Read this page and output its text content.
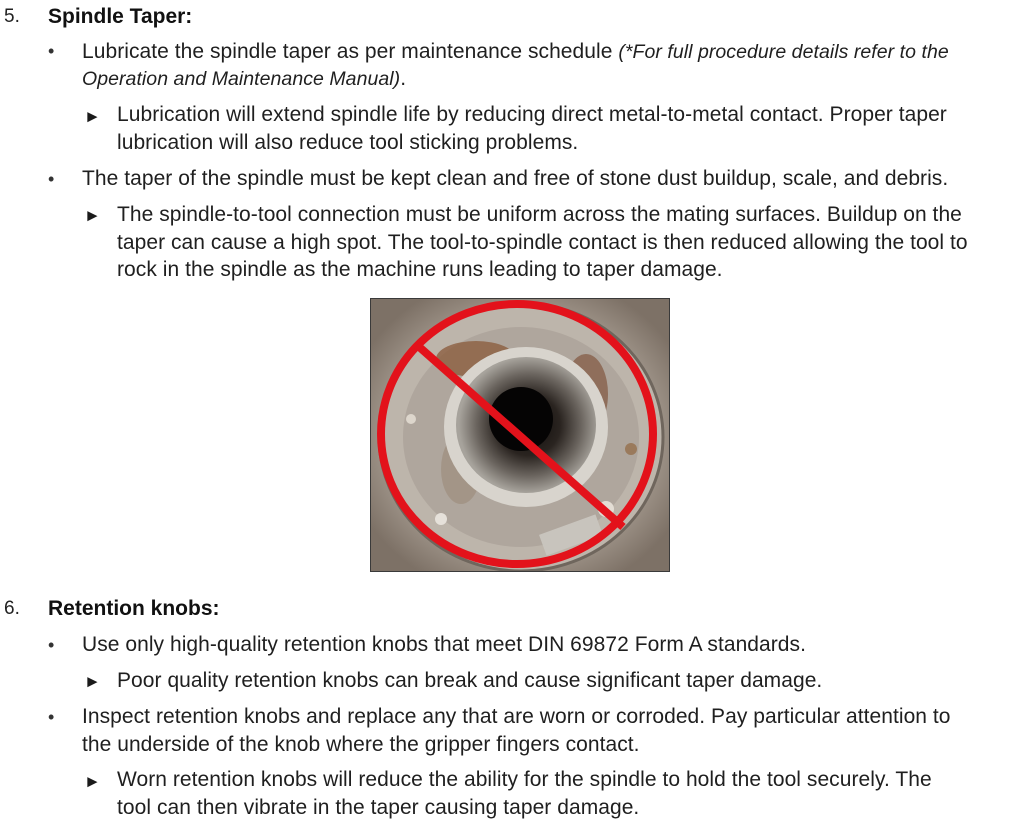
5. Spindle Taper:
• Lubricate the spindle taper as per maintenance schedule (*For full procedure details refer to the
Operation and Maintenance Manual).
► Lubrication will extend spindle life by reducing direct metal-to-metal contact. Proper taper
lubrication will also reduce tool sticking problems.
• The taper of the spindle must be kept clean and free of stone dust buildup, scale, and debris.
► The spindle-to-tool connection must be uniform across the mating surfaces. Buildup on the
taper can cause a high spot. The tool-to-spindle contact is then reduced allowing the tool to
rock in the spindle as the machine runs leading to taper damage.
6. Retention knobs:
• Use only high-quality retention knobs that meet DIN 69872 Form A standards.
► Poor quality retention knobs can break and cause significant taper damage.
• Inspect retention knobs and replace any that are worn or corroded. Pay particular attention to
the underside of the knob where the gripper fingers contact.
► Worn retention knobs will reduce the ability for the spindle to hold the tool securely. The
tool can then vibrate in the taper causing taper damage.
